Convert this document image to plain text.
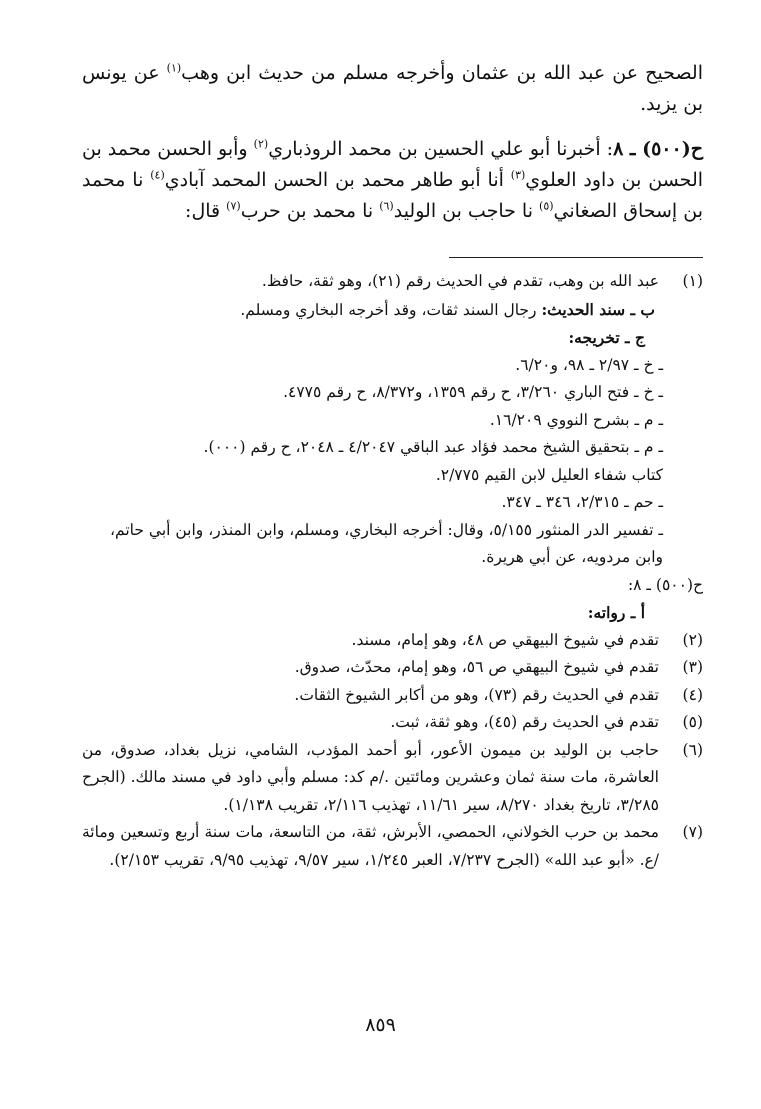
الصحيح عن عبد الله بن عثمان وأخرجه مسلم من حديث ابن وهب$^{(١)}$ عن يونس بن يزيد.

ح(٥٠٠) ـ ٨: أخبرنا أبو علي الحسين بن محمد الروذباري$^{(٢)}$ وأبو الحسن محمد بن الحسن بن داود العلوي$^{(٣)}$ أنا أبو طاهر محمد بن الحسن المحمد آبادي$^{(٤)}$ نا محمد بن إسحاق الصغاني$^{(٥)}$ نا حاجب بن الوليد$^{(٦)}$ نا محمد بن حرب$^{(٧)}$ قال:

(١)
عبد الله بن وهب، تقدم في الحديث رقم (٢١)، وهو ثقة، حافظ.

ب ـ سند الحديث: رجال السند ثقات، وقد أخرجه البخاري ومسلم.

ج ـ تخريجه:

ـ خ ـ ٢/٩٧ ـ ٩٨، و٦/٢٠.

ـ خ ـ فتح الباري ٣/٢٦٠، ح رقم ١٣٥٩، و٨/٣٧٢، ح رقم ٤٧٧٥.

ـ م ـ بشرح النووي ١٦/٢٠٩.

ـ م ـ بتحقيق الشيخ محمد فؤاد عبد الباقي ٤/٢٠٤٧ ـ ٢٠٤٨، ح رقم (٠٠٠).

كتاب شفاء العليل لابن القيم ٢/٧٧٥.

ـ حم ـ ٢/٣١٥، ٣٤٦ ـ ٣٤٧.

ـ تفسير الدر المنثور ٥/١٥٥، وقال: أخرجه البخاري، ومسلم، وابن المنذر، وابن أبي حاتم، وابن مردويه، عن أبي هريرة.

ح(٥٠٠) ـ ٨:

أ ـ رواته:

(٢)
تقدم في شيوخ البيهقي ص ٤٨، وهو إمام، مسند.
(٣)
تقدم في شيوخ البيهقي ص ٥٦، وهو إمام، محدّث، صدوق.
(٤)
تقدم في الحديث رقم (٧٣)، وهو من أكابر الشيوخ الثقات.
(٥)
تقدم في الحديث رقم (٤٥)، وهو ثقة، ثبت.
(٦)
حاجب بن الوليد بن ميمون الأعور، أبو أحمد المؤدب، الشامي، نزيل بغداد، صدوق، من العاشرة، مات سنة ثمان وعشرين ومائتين ./م كد: مسلم وأبي داود في مسند مالك. (الجرح ٣/٢٨٥، تاريخ بغداد ٨/٢٧٠، سير ١١/٦١، تهذيب ٢/١١٦، تقريب ١/١٣٨).
(٧)
محمد بن حرب الخولاني، الحمصي، الأبرش، ثقة، من التاسعة، مات سنة أربع وتسعين ومائة /ع. «أبو عبد الله» (الجرح ٧/٢٣٧، العبر ١/٢٤٥، سير ٩/٥٧، تهذيب ٩/٩٥، تقريب ٢/١٥٣).
٨٥٩
